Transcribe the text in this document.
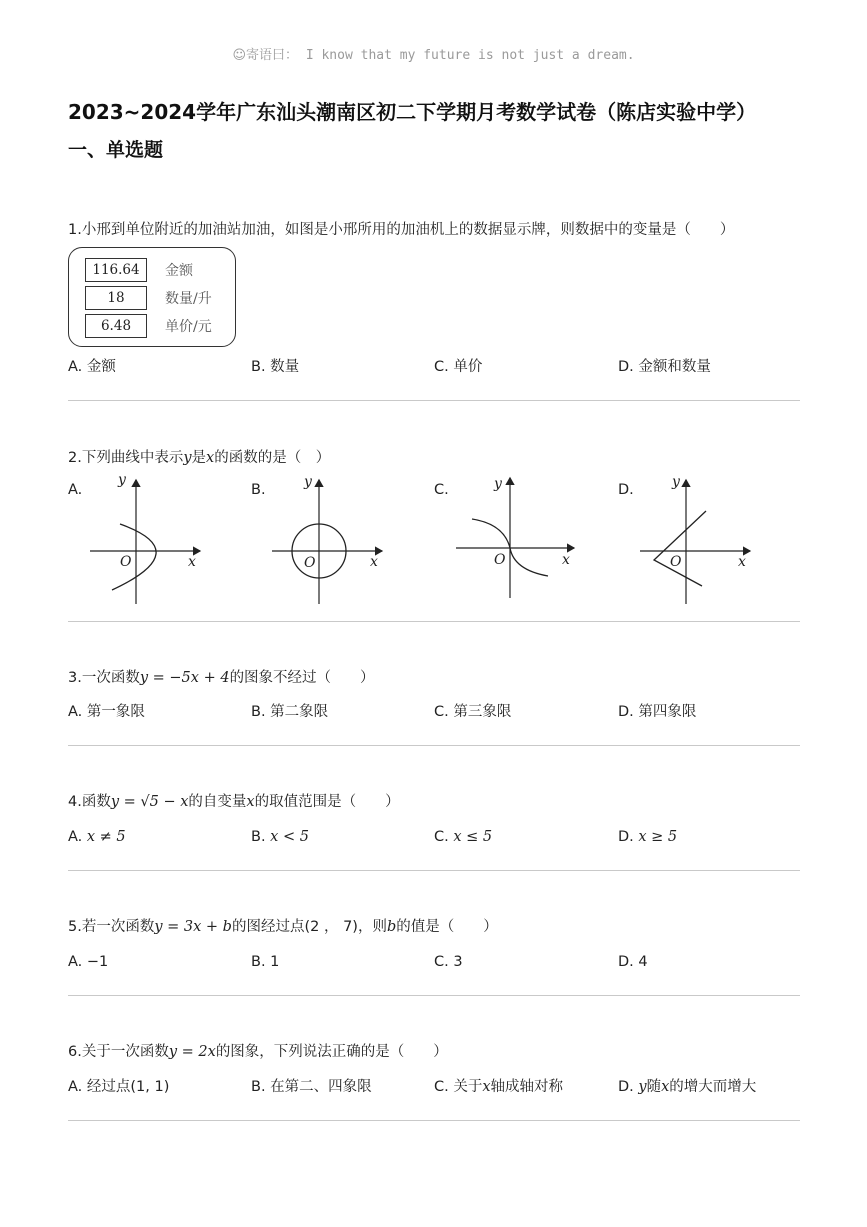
☺寄语曰： I know that my future is not just a dream.
2023~2024学年广东汕头潮南区初二下学期月考数学试卷（陈店实验中学）
一、单选题
1.小邢到单位附近的加油站加油，如图是小邢所用的加油机上的数据显示牌，则数据中的变量是（　　）
116.64	金额
18	数量/升
6.48	单价/元
A. 金额	B. 数量	C. 单价	D. 金额和数量
2.下列曲线中表示y是x的函数的是（　）
A.	B.	C.	D.
y
x
O
y
x
O
y
x
O
y
x
O
3.一次函数y = −5x + 4的图象不经过（　　）
A. 第一象限	B. 第二象限	C. 第三象限	D. 第四象限
4.函数y = √5 − x的自变量x的取值范围是（　　）
A. x ≠ 5	B. x < 5	C. x ≤ 5	D. x ≥ 5
5.若一次函数y = 3x + b的图经过点(2 ， 7)，则b的值是（　　）
A. −1	B. 1	C. 3	D. 4
6.关于一次函数y = 2x的图象，下列说法正确的是（　　）
A. 经过点(1, 1)	B. 在第二、四象限	C. 关于x轴成轴对称	D. y随x的增大而增大
